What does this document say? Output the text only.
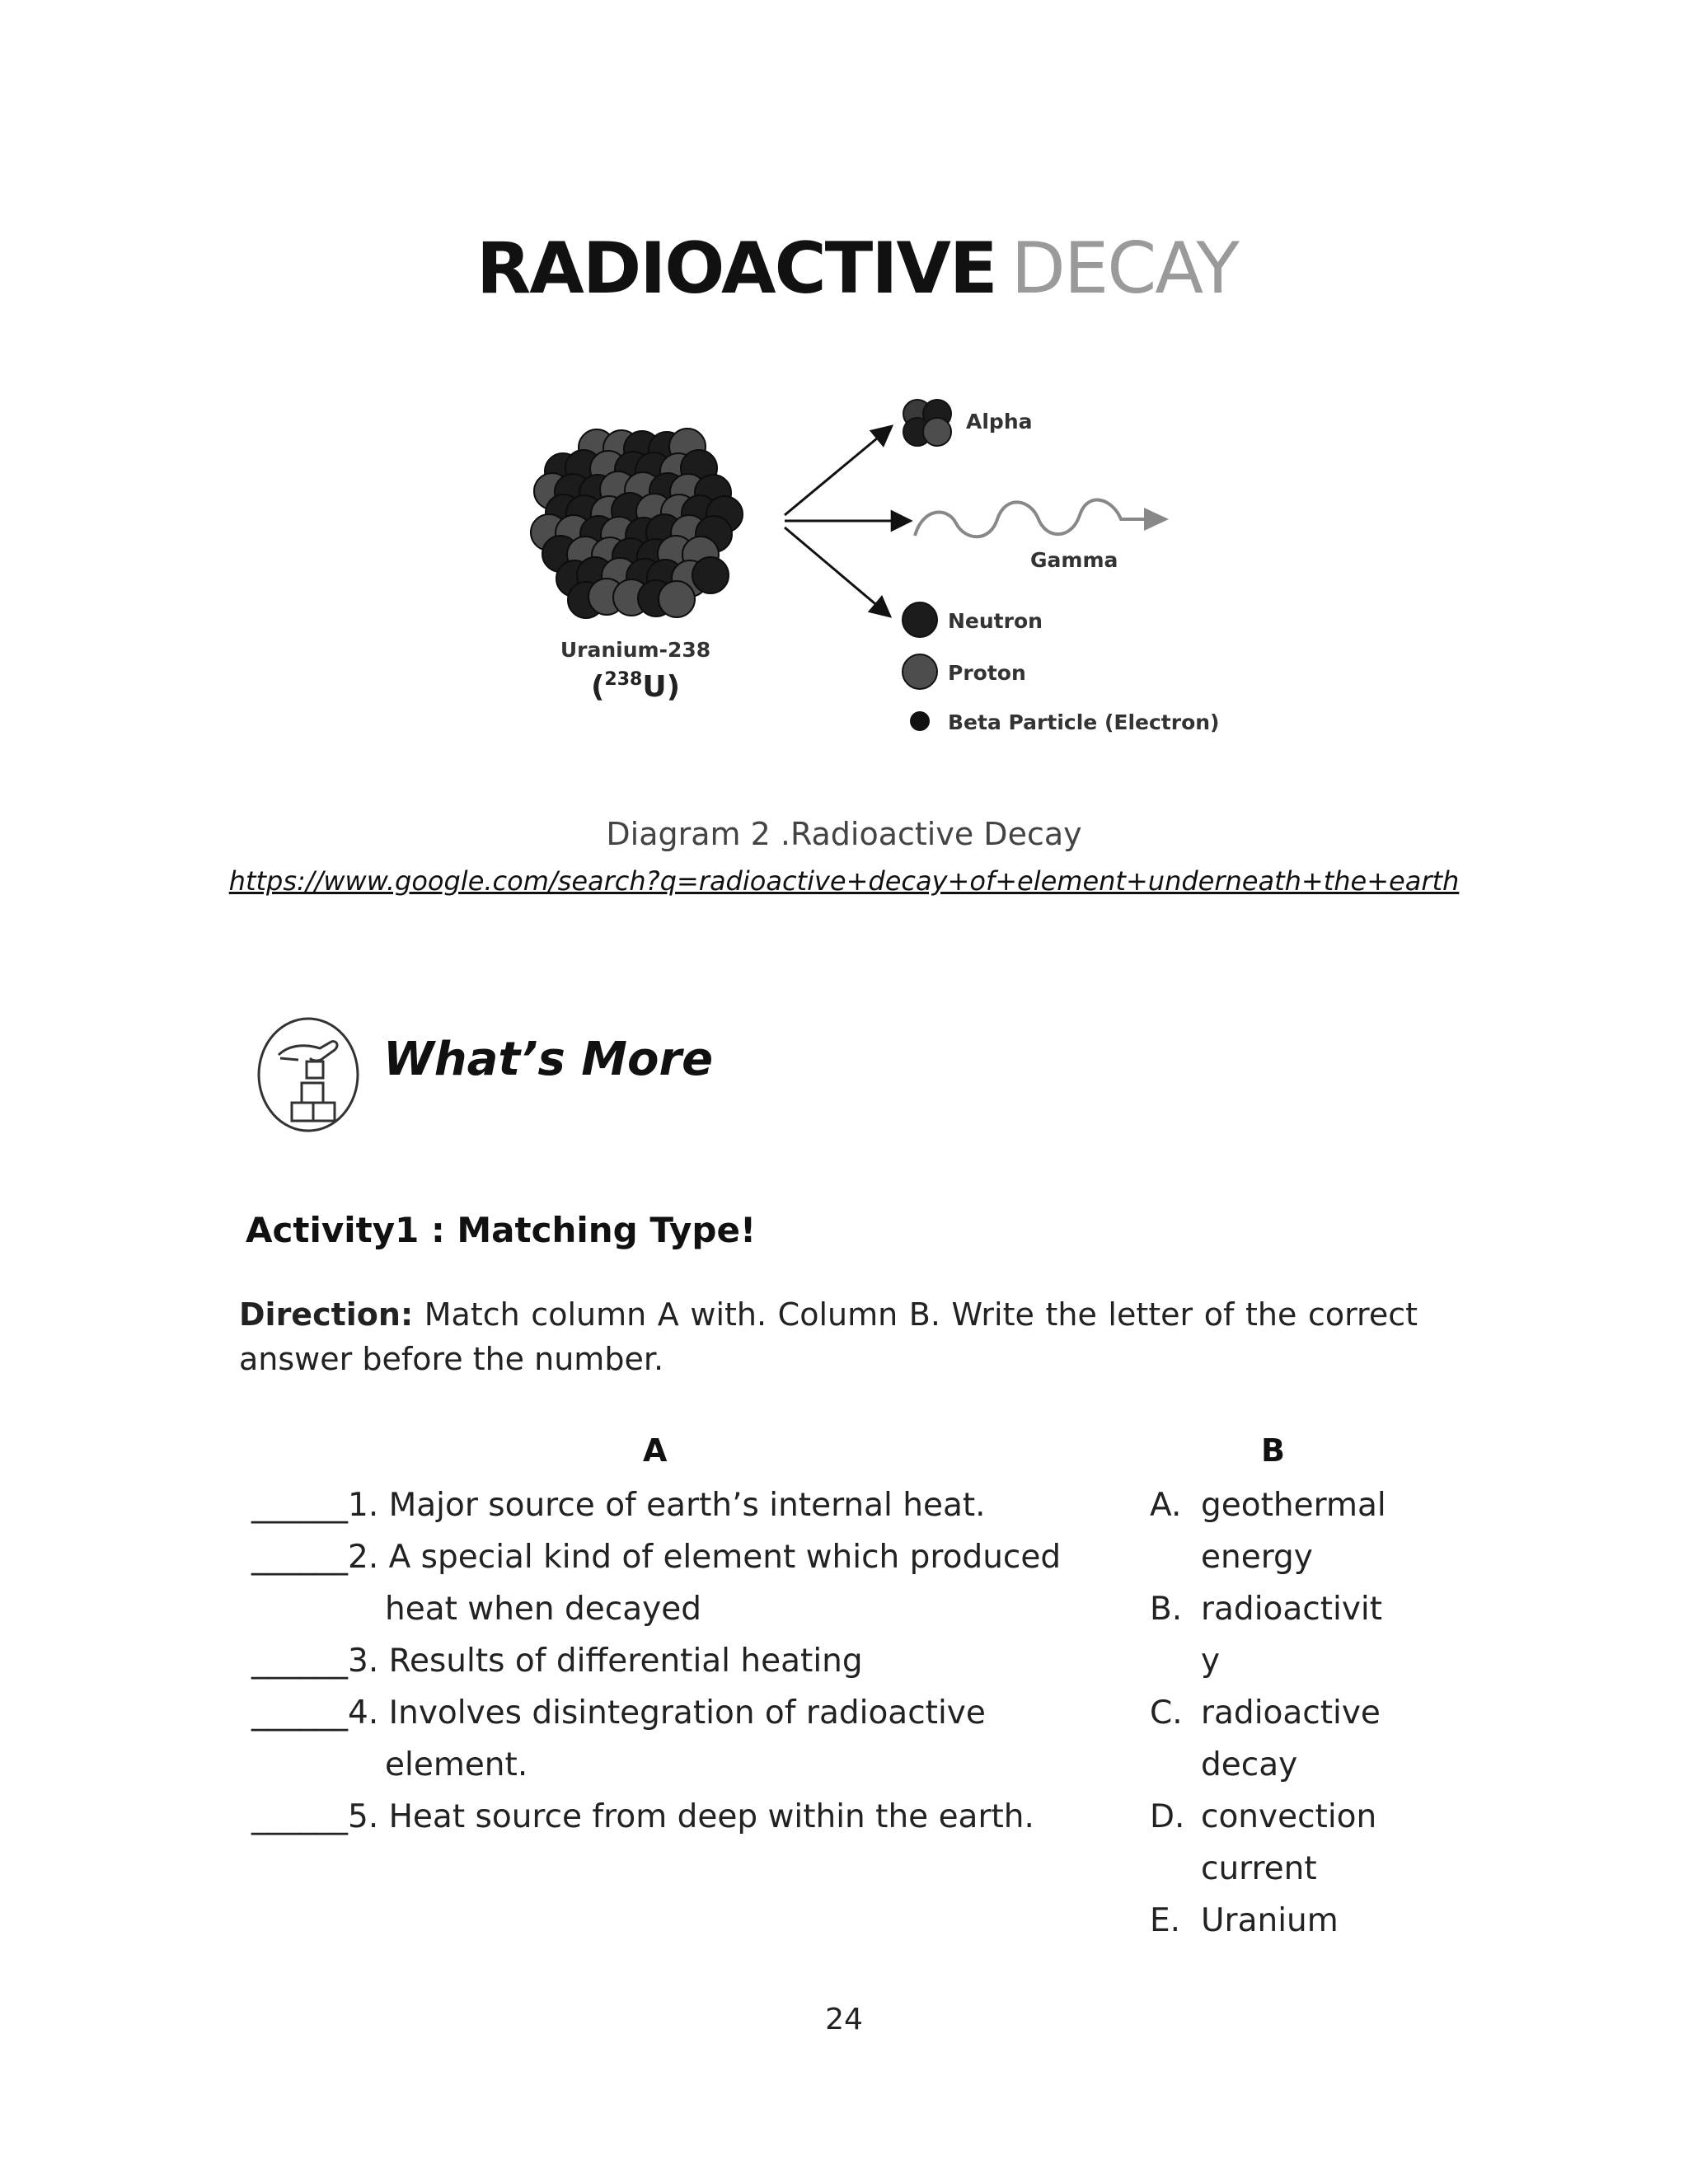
RADIOACTIVE DECAY
Alpha
Gamma
Neutron
Proton
Beta Particle (Electron)
Uranium-238
(238U)
Diagram 2 .Radioactive Decay
https://www.google.com/search?q=radioactive+decay+of+element+underneath+the+earth
What’s More
Activity1 : Matching Type!
Direction: Match column A with. Column B. Write the letter of the correct answer before the number.
A	B
______1. Major source of earth’s internal heat.
______2. A special kind of element which produced
heat when decayed
______3. Results of differential heating
______4. Involves disintegration of radioactive
element.
______5. Heat source from deep within the earth.
A. geothermal energy
B. radioactivity
C. radioactive decay
D. convection current
E. Uranium
24
